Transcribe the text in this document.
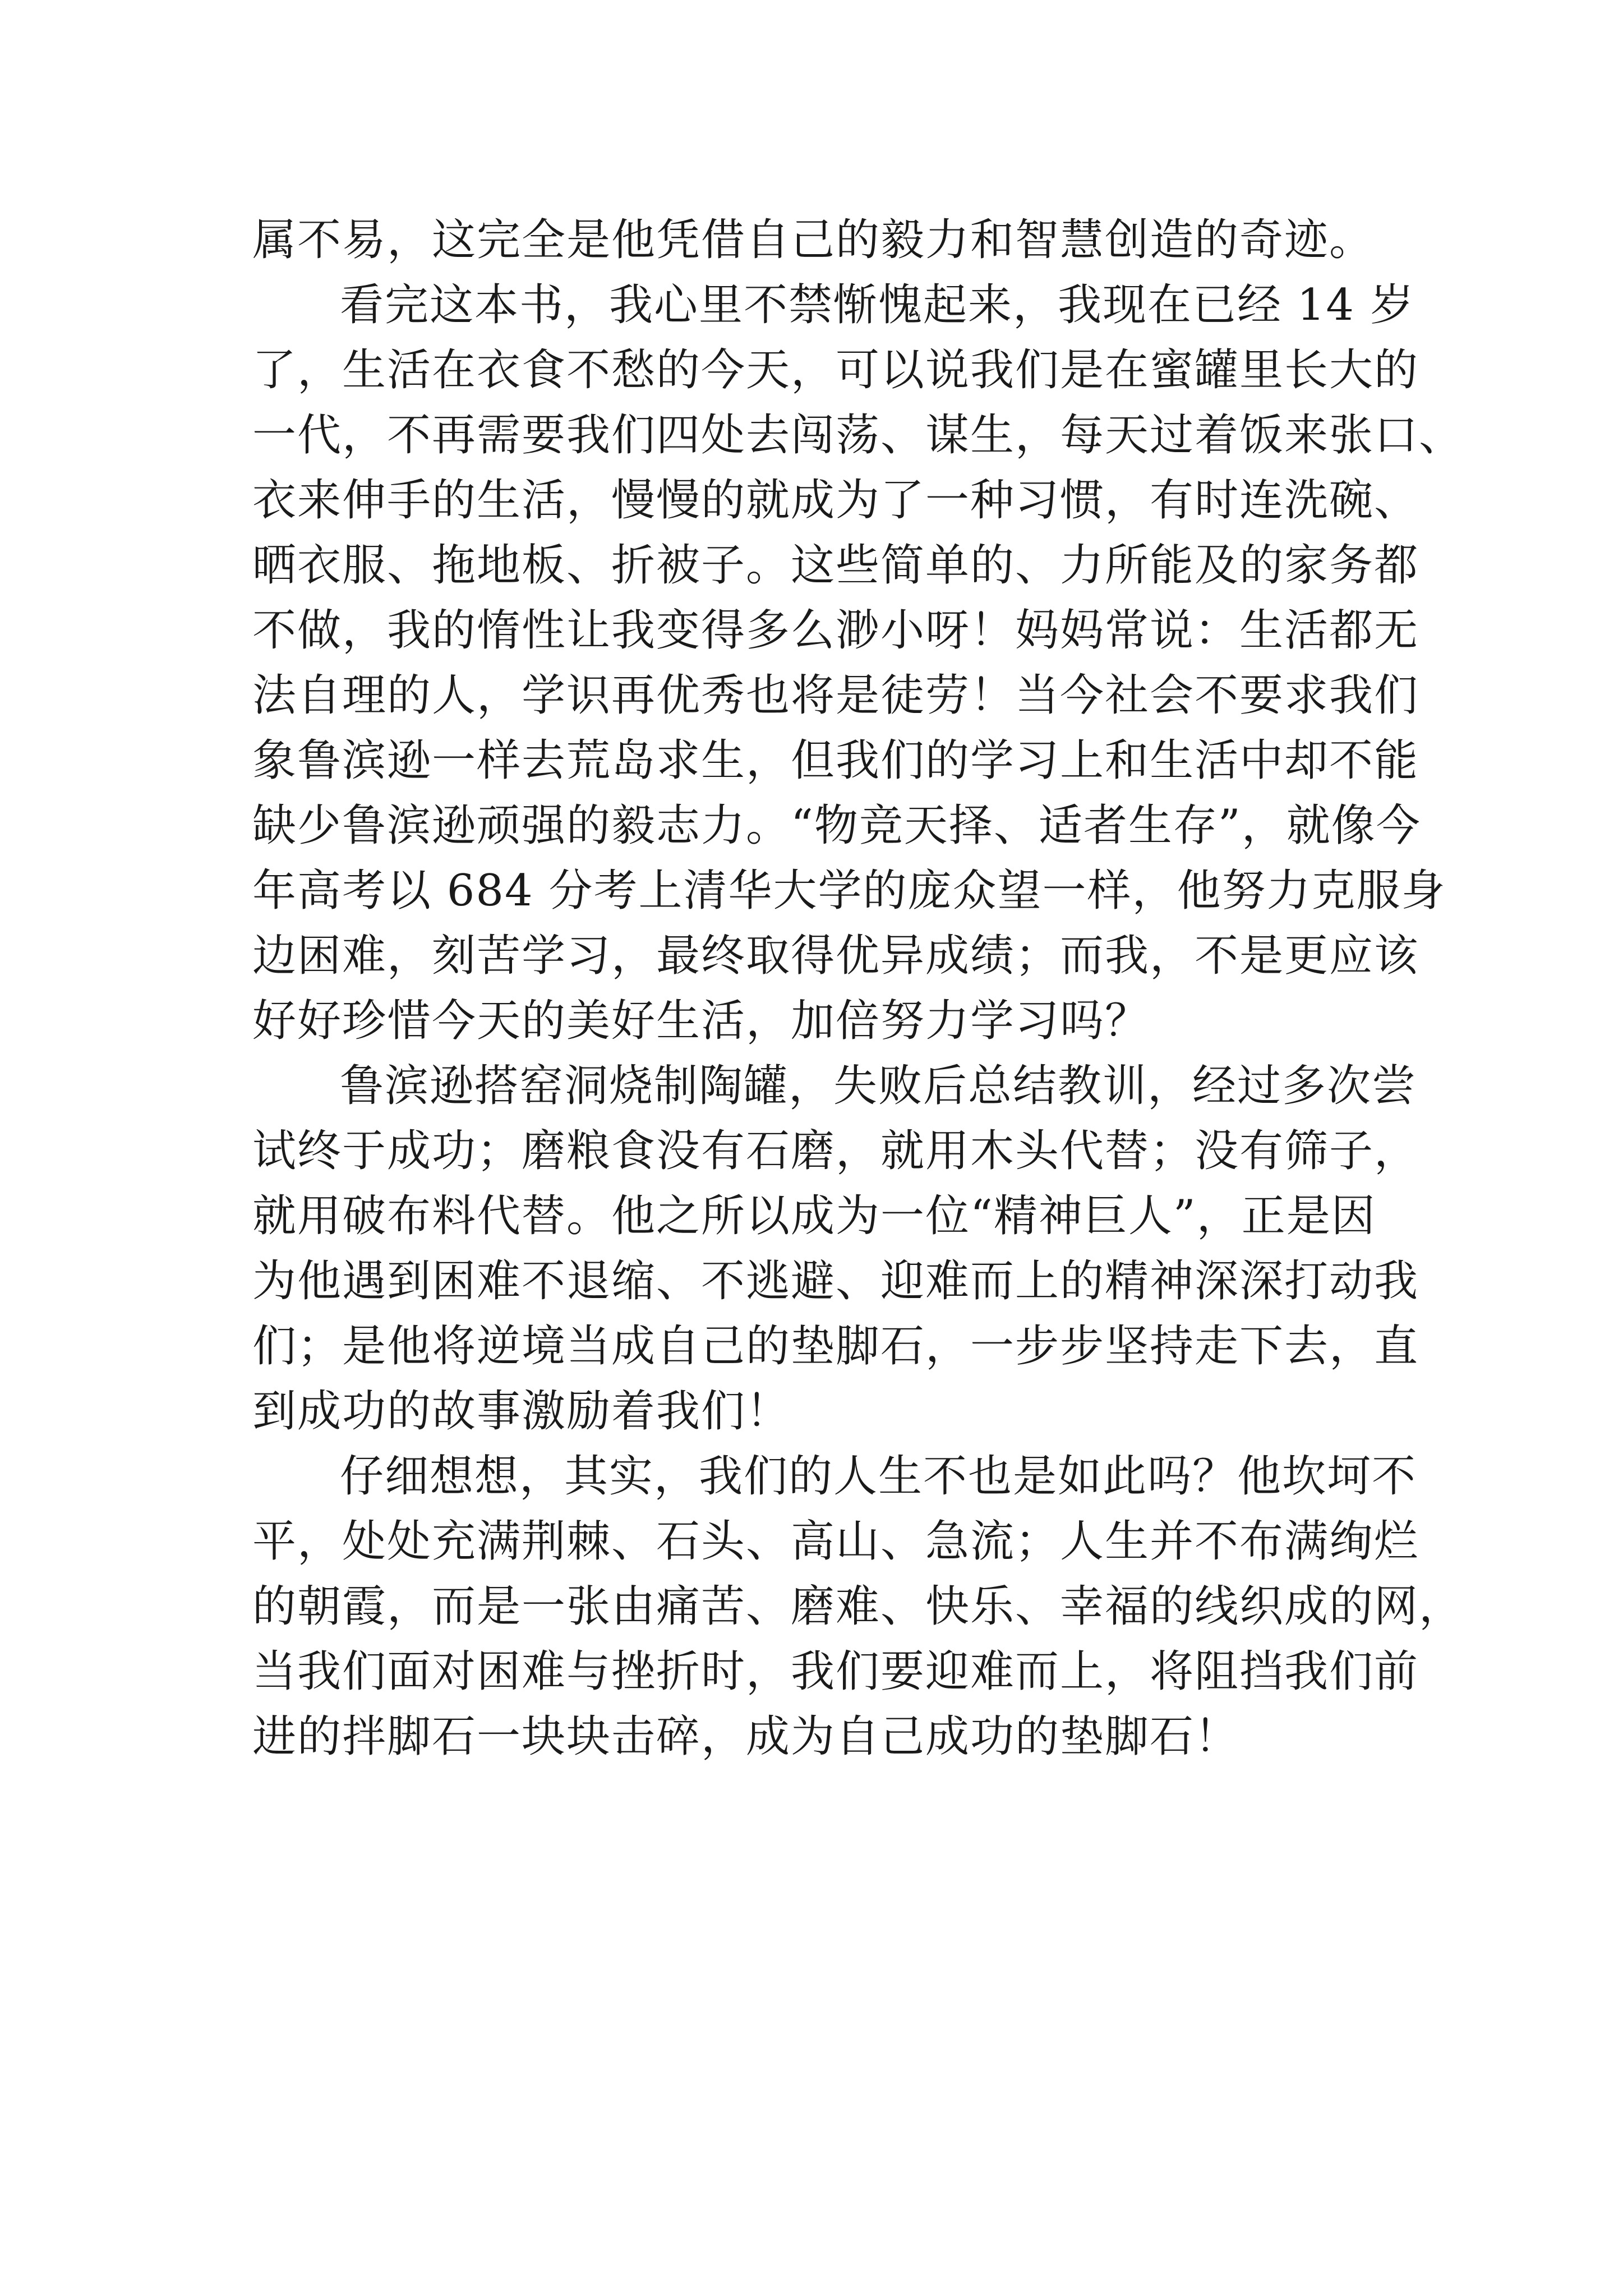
属不易，这完全是他凭借自己的毅力和智慧创造的奇迹。
看完这本书，我心里不禁惭愧起来，我现在已经 14 岁
了，生活在衣食不愁的今天，可以说我们是在蜜罐里长大的
一代，不再需要我们四处去闯荡、谋生，每天过着饭来张口、
衣来伸手的生活，慢慢的就成为了一种习惯，有时连洗碗、
晒衣服、拖地板、折被子。这些简单的、力所能及的家务都
不做，我的惰性让我变得多么渺小呀！妈妈常说：生活都无
法自理的人，学识再优秀也将是徒劳！当今社会不要求我们
象鲁滨逊一样去荒岛求生，但我们的学习上和生活中却不能
缺少鲁滨逊顽强的毅志力。“物竞天择、适者生存”，就像今
年高考以 684 分考上清华大学的庞众望一样，他努力克服身
边困难，刻苦学习，最终取得优异成绩；而我，不是更应该
好好珍惜今天的美好生活，加倍努力学习吗？
鲁滨逊搭窑洞烧制陶罐，失败后总结教训，经过多次尝
试终于成功；磨粮食没有石磨，就用木头代替；没有筛子，
就用破布料代替。他之所以成为一位“精神巨人”，正是因
为他遇到困难不退缩、不逃避、迎难而上的精神深深打动我
们；是他将逆境当成自己的垫脚石，一步步坚持走下去，直
到成功的故事激励着我们！
仔细想想，其实，我们的人生不也是如此吗？他坎坷不
平，处处充满荆棘、石头、高山、急流；人生并不布满绚烂
的朝霞，而是一张由痛苦、磨难、快乐、幸福的线织成的网，
当我们面对困难与挫折时，我们要迎难而上，将阻挡我们前
进的拌脚石一块块击碎，成为自己成功的垫脚石！
